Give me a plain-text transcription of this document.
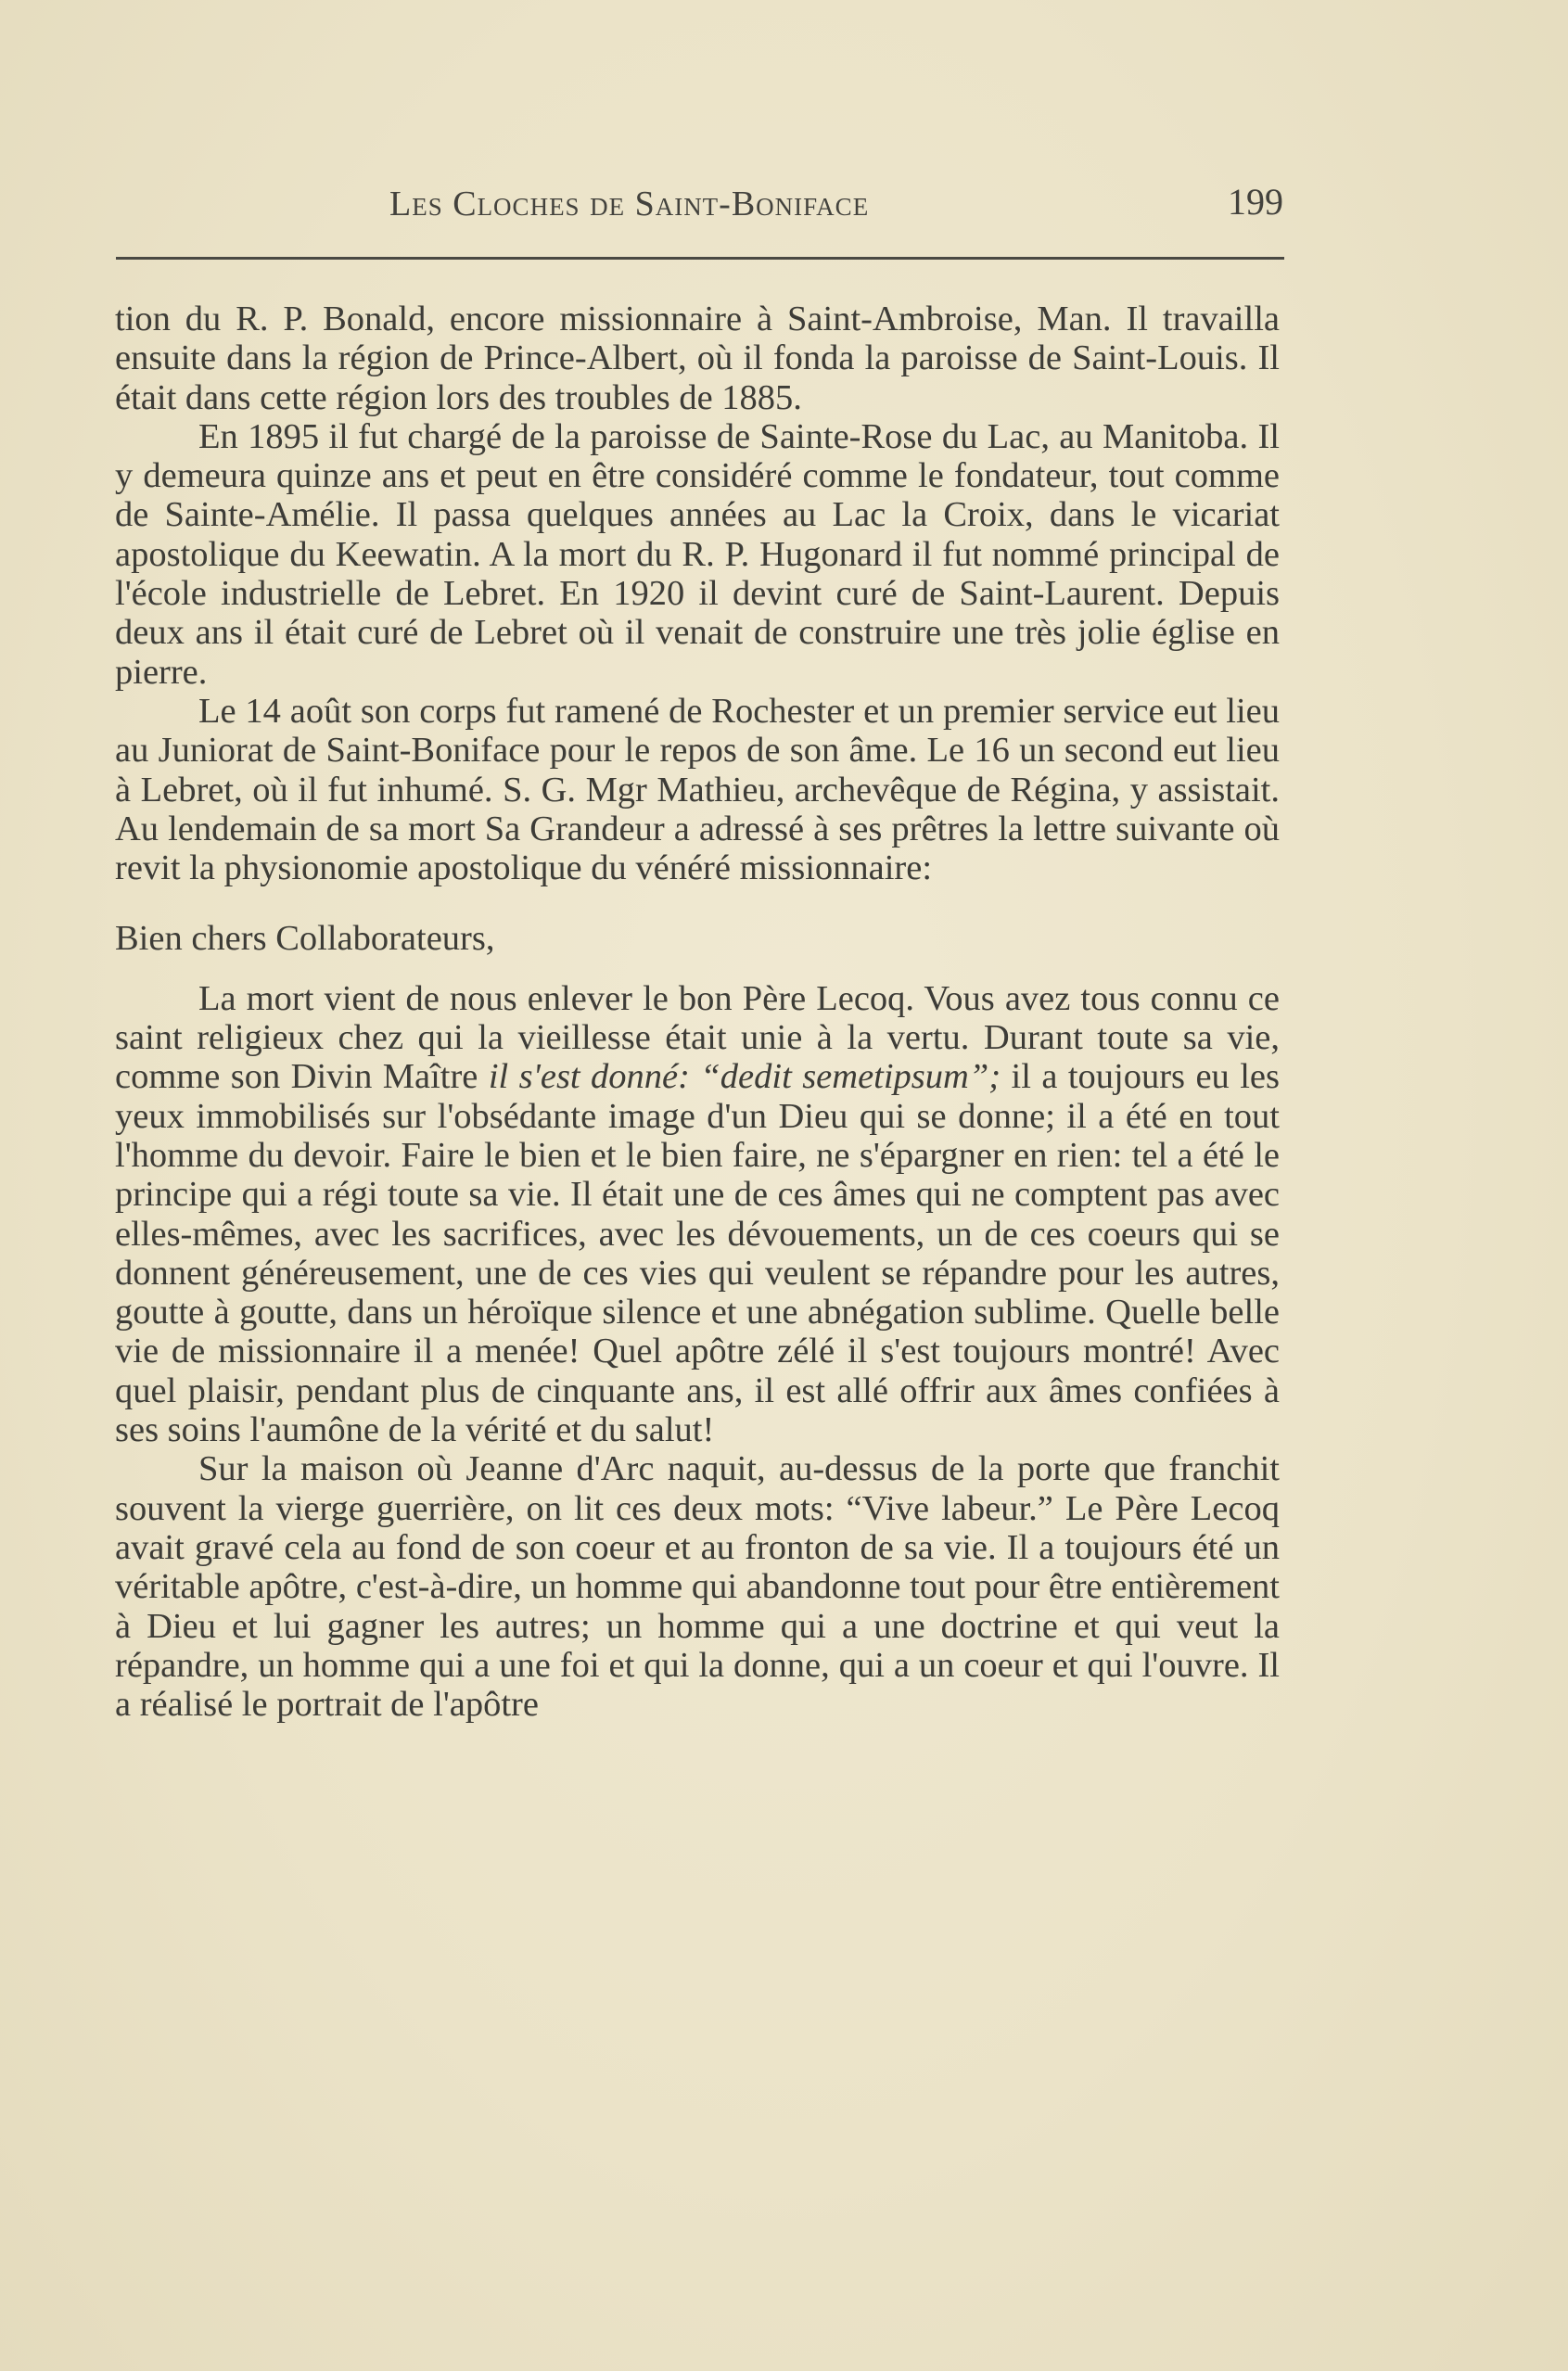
Les Cloches de Saint-Boniface	199

tion du R. P. Bonald, encore missionnaire à Saint-Ambroise, Man. Il travailla ensuite dans la région de Prince-Albert, où il fonda la paroisse de Saint-Louis. Il était dans cette région lors des troubles de 1885.

En 1895 il fut chargé de la paroisse de Sainte-Rose du Lac, au Manitoba. Il y demeura quinze ans et peut en être considéré comme le fondateur, tout comme de Sainte-Amélie. Il passa quelques années au Lac la Croix, dans le vicariat apostolique du Keewatin. A la mort du R. P. Hugonard il fut nommé principal de l'école industrielle de Lebret. En 1920 il devint curé de Saint-Laurent. Depuis deux ans il était curé de Lebret où il venait de construire une très jolie église en pierre.

Le 14 août son corps fut ramené de Rochester et un premier service eut lieu au Juniorat de Saint-Boniface pour le repos de son âme. Le 16 un second eut lieu à Lebret, où il fut inhumé. S. G. Mgr Mathieu, archevêque de Régina, y assistait. Au lendemain de sa mort Sa Grandeur a adressé à ses prêtres la lettre suivante où revit la physionomie apostolique du vénéré missionnaire:

Bien chers Collaborateurs,

La mort vient de nous enlever le bon Père Lecoq. Vous avez tous connu ce saint religieux chez qui la vieillesse était unie à la vertu. Durant toute sa vie, comme son Divin Maître il s'est donné: “dedit semetipsum”; il a toujours eu les yeux immobilisés sur l'obsédante image d'un Dieu qui se donne; il a été en tout l'homme du devoir. Faire le bien et le bien faire, ne s'épargner en rien: tel a été le principe qui a régi toute sa vie. Il était une de ces âmes qui ne comptent pas avec elles-mêmes, avec les sacrifices, avec les dévouements, un de ces coeurs qui se donnent généreusement, une de ces vies qui veulent se répandre pour les autres, goutte à goutte, dans un héroïque silence et une abnégation sublime. Quelle belle vie de missionnaire il a menée! Quel apôtre zélé il s'est toujours montré! Avec quel plaisir, pendant plus de cinquante ans, il est allé offrir aux âmes confiées à ses soins l'aumône de la vérité et du salut!

Sur la maison où Jeanne d'Arc naquit, au-dessus de la porte que franchit souvent la vierge guerrière, on lit ces deux mots: “Vive labeur.” Le Père Lecoq avait gravé cela au fond de son coeur et au fronton de sa vie. Il a toujours été un véritable apôtre, c'est-à-dire, un homme qui abandonne tout pour être entièrement à Dieu et lui gagner les autres; un homme qui a une doctrine et qui veut la répandre, un homme qui a une foi et qui la donne, qui a un coeur et qui l'ouvre. Il a réalisé le portrait de l'apôtre
